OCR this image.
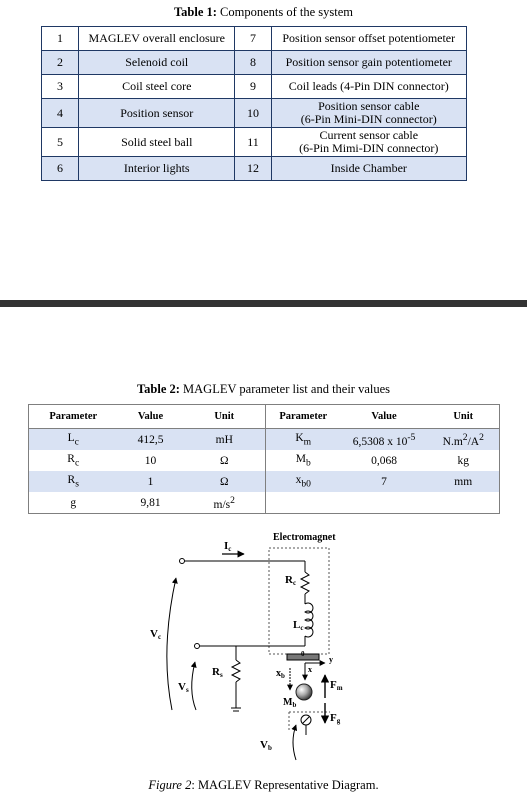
Table 1: Components of the system
1	MAGLEV overall enclosure	7	Position sensor offset potentiometer
2	Selenoid coil	8	Position sensor gain potentiometer
3	Coil steel core	9	Coil leads (4-Pin DIN connector)
4	Position sensor	10	Position sensor cable
(6-Pin Mini-DIN connector)

5	Solid steel ball	11	Current sensor cable
(6-Pin Mimi-DIN connector)

6	Interior lights	12	Inside Chamber
Table 2: MAGLEV parameter list and their values
Parameter	Value	Unit	Parameter	Value	Unit
$L_c$	412,5	mH	$K_m$	6,5308 x $10^{-5}$	$N.m^2/A^2$
$R_c$	10	Ω	$M_b$	0,068	kg
$R_s$	1	Ω	$x_{b0}$	7	mm
g	9,81	$m/s^2$			
Electromagnet
Ic
Rc
Lc
Rs
Vc
Vs
0
y
x
$x_b$
$M_b$
Fm
Fg
Vb
Figure 2: MAGLEV Representative Diagram.
